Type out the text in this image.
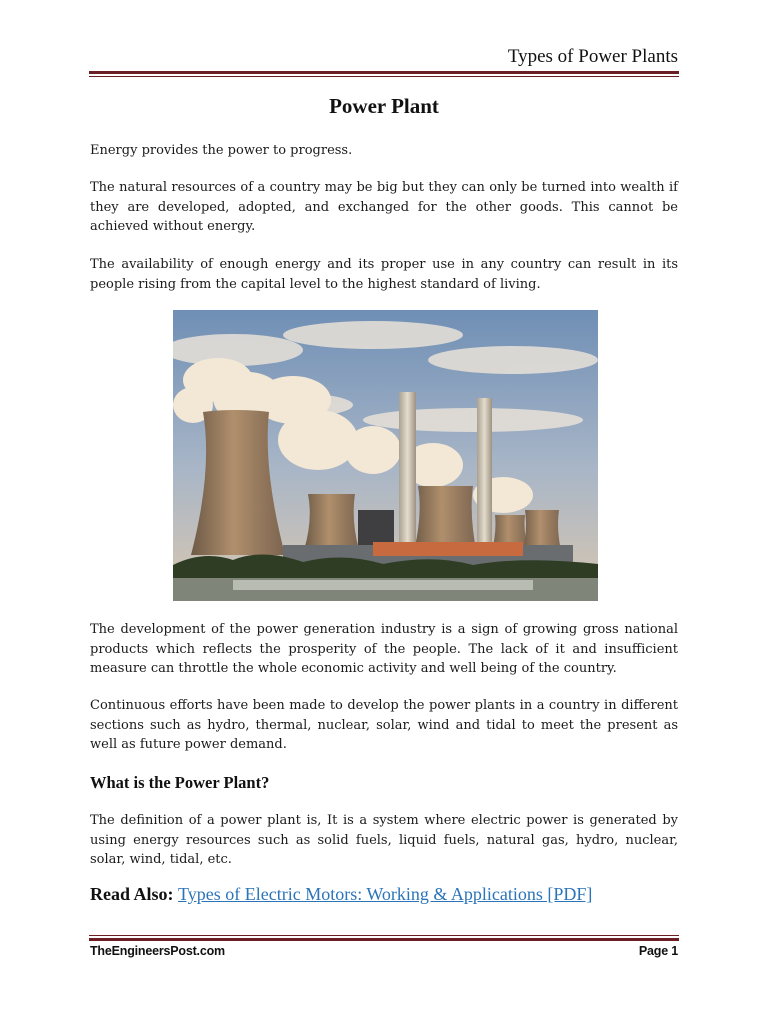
Types of Power Plants
Power Plant

Energy provides the power to progress.

The natural resources of a country may be big but they can only be turned into wealth if they are developed, adopted, and exchanged for the other goods. This cannot be achieved without energy.

The availability of enough energy and its proper use in any country can result in its people rising from the capital level to the highest standard of living.

The development of the power generation industry is a sign of growing gross national products which reflects the prosperity of the people. The lack of it and insufficient measure can throttle the whole economic activity and well being of the country.

Continuous efforts have been made to develop the power plants in a country in different sections such as hydro, thermal, nuclear, solar, wind and tidal to meet the present as well as future power demand.

What is the Power Plant?

The definition of a power plant is, It is a system where electric power is generated by using energy resources such as solid fuels, liquid fuels, natural gas, hydro, nuclear, solar, wind, tidal, etc.

Read Also: Types of Electric Motors: Working & Applications [PDF]
TheEngineersPost.com	Page 1
